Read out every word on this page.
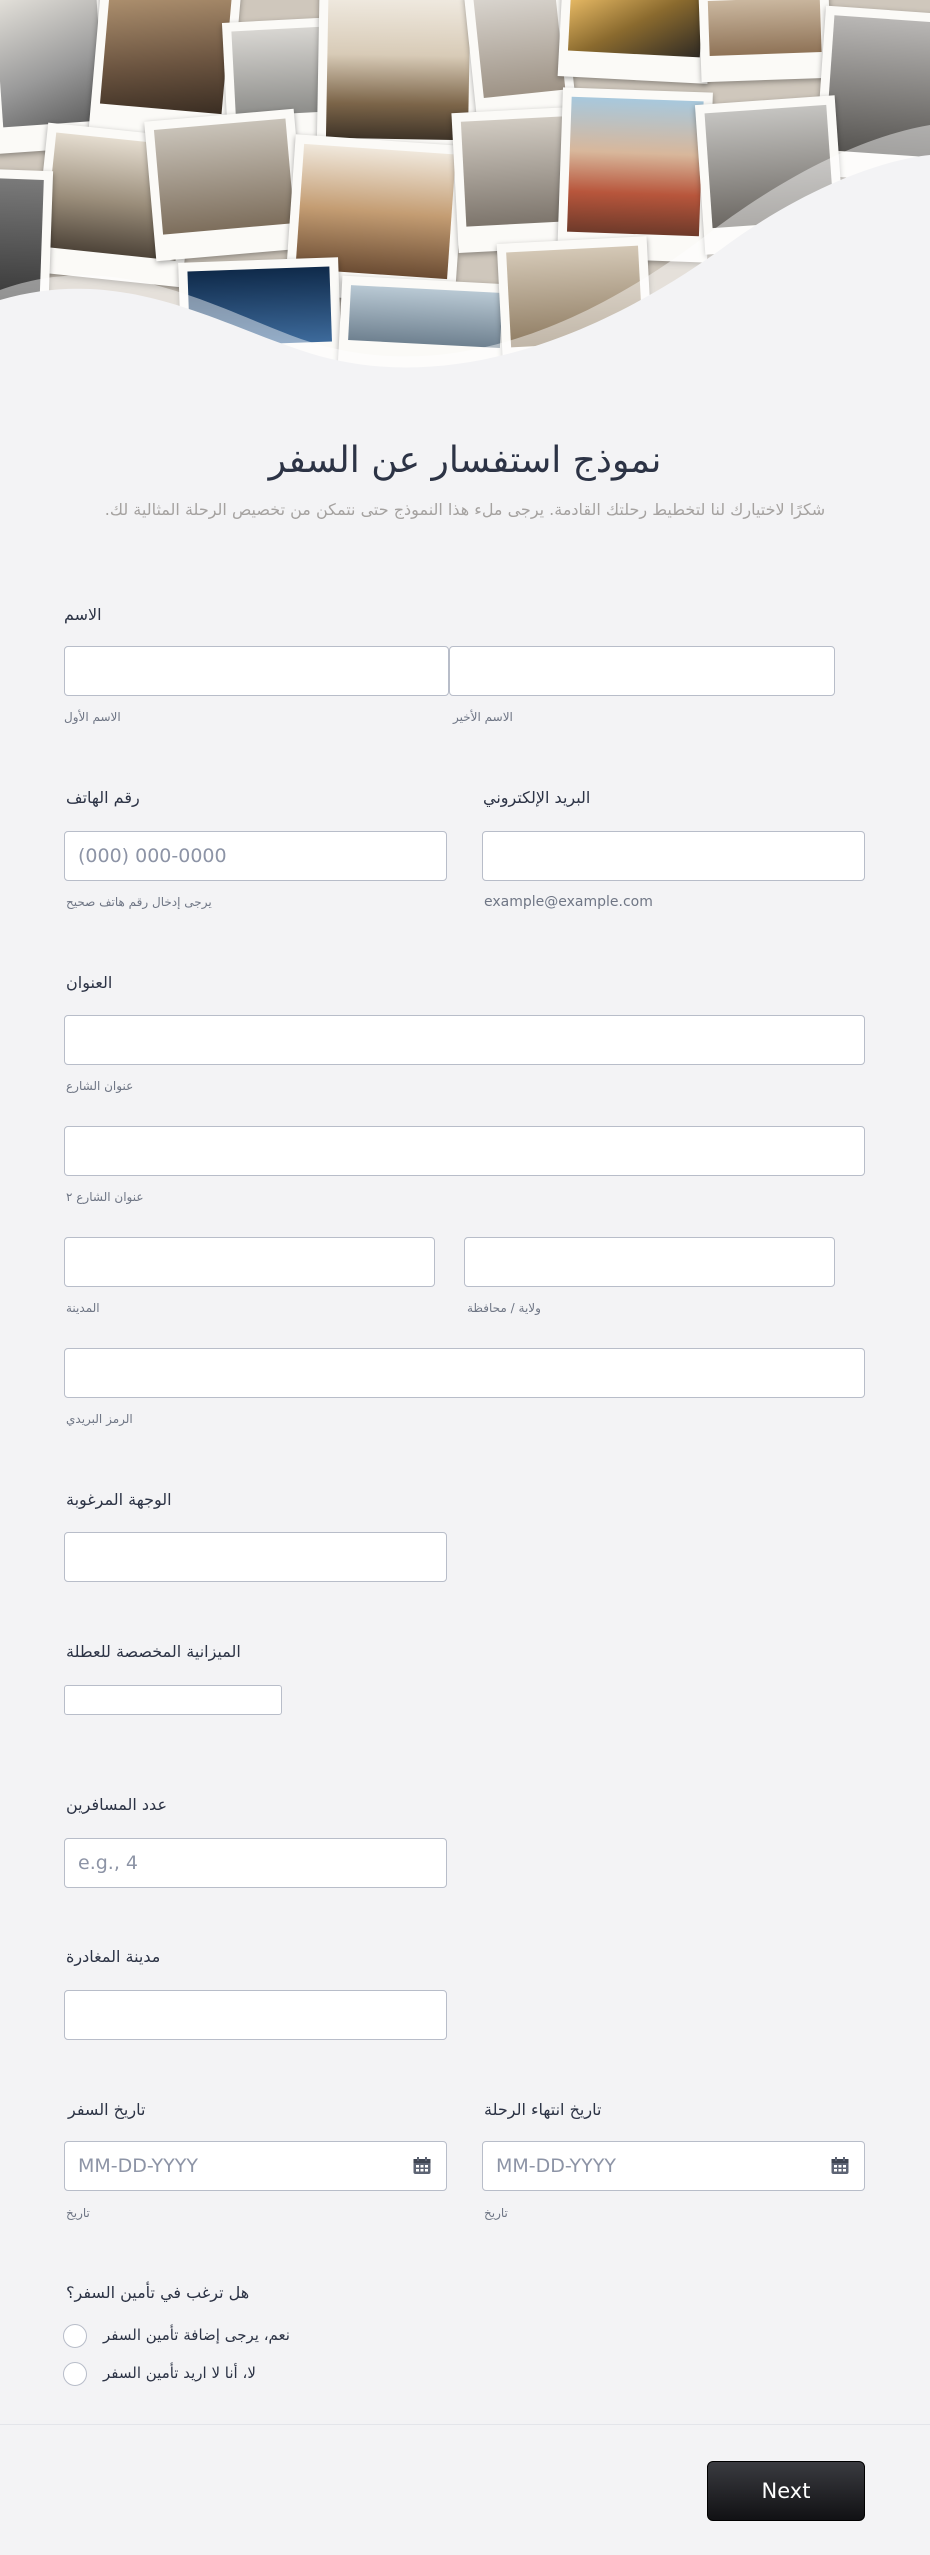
نموذج استفسار عن السفر
شكرًا لاختيارك لنا لتخطيط رحلتك القادمة. يرجى ملء هذا النموذج حتى نتمكن من تخصيص الرحلة المثالية لك.
الاسم
الاسم الأول	الاسم الأخير
رقم الهاتف	البريد الإلكتروني
(000) 000-0000
يرجى إدخال رقم هاتف صحيح	example@example.com
العنوان
عنوان الشارع
عنوان الشارع ٢
المدينة	ولاية / محافظة
الرمز البريدي
الوجهة المرغوبة
الميزانية المخصصة للعطلة
عدد المسافرين
e.g., 4
مدينة المغادرة
تاريخ السفر	تاريخ انتهاء الرحلة
MM-DD-YYYY	MM-DD-YYYY
تاريخ	تاريخ
هل ترغب في تأمين السفر؟
نعم، يرجى إضافة تأمين السفر
لا، أنا لا اريد تأمين السفر
Next
